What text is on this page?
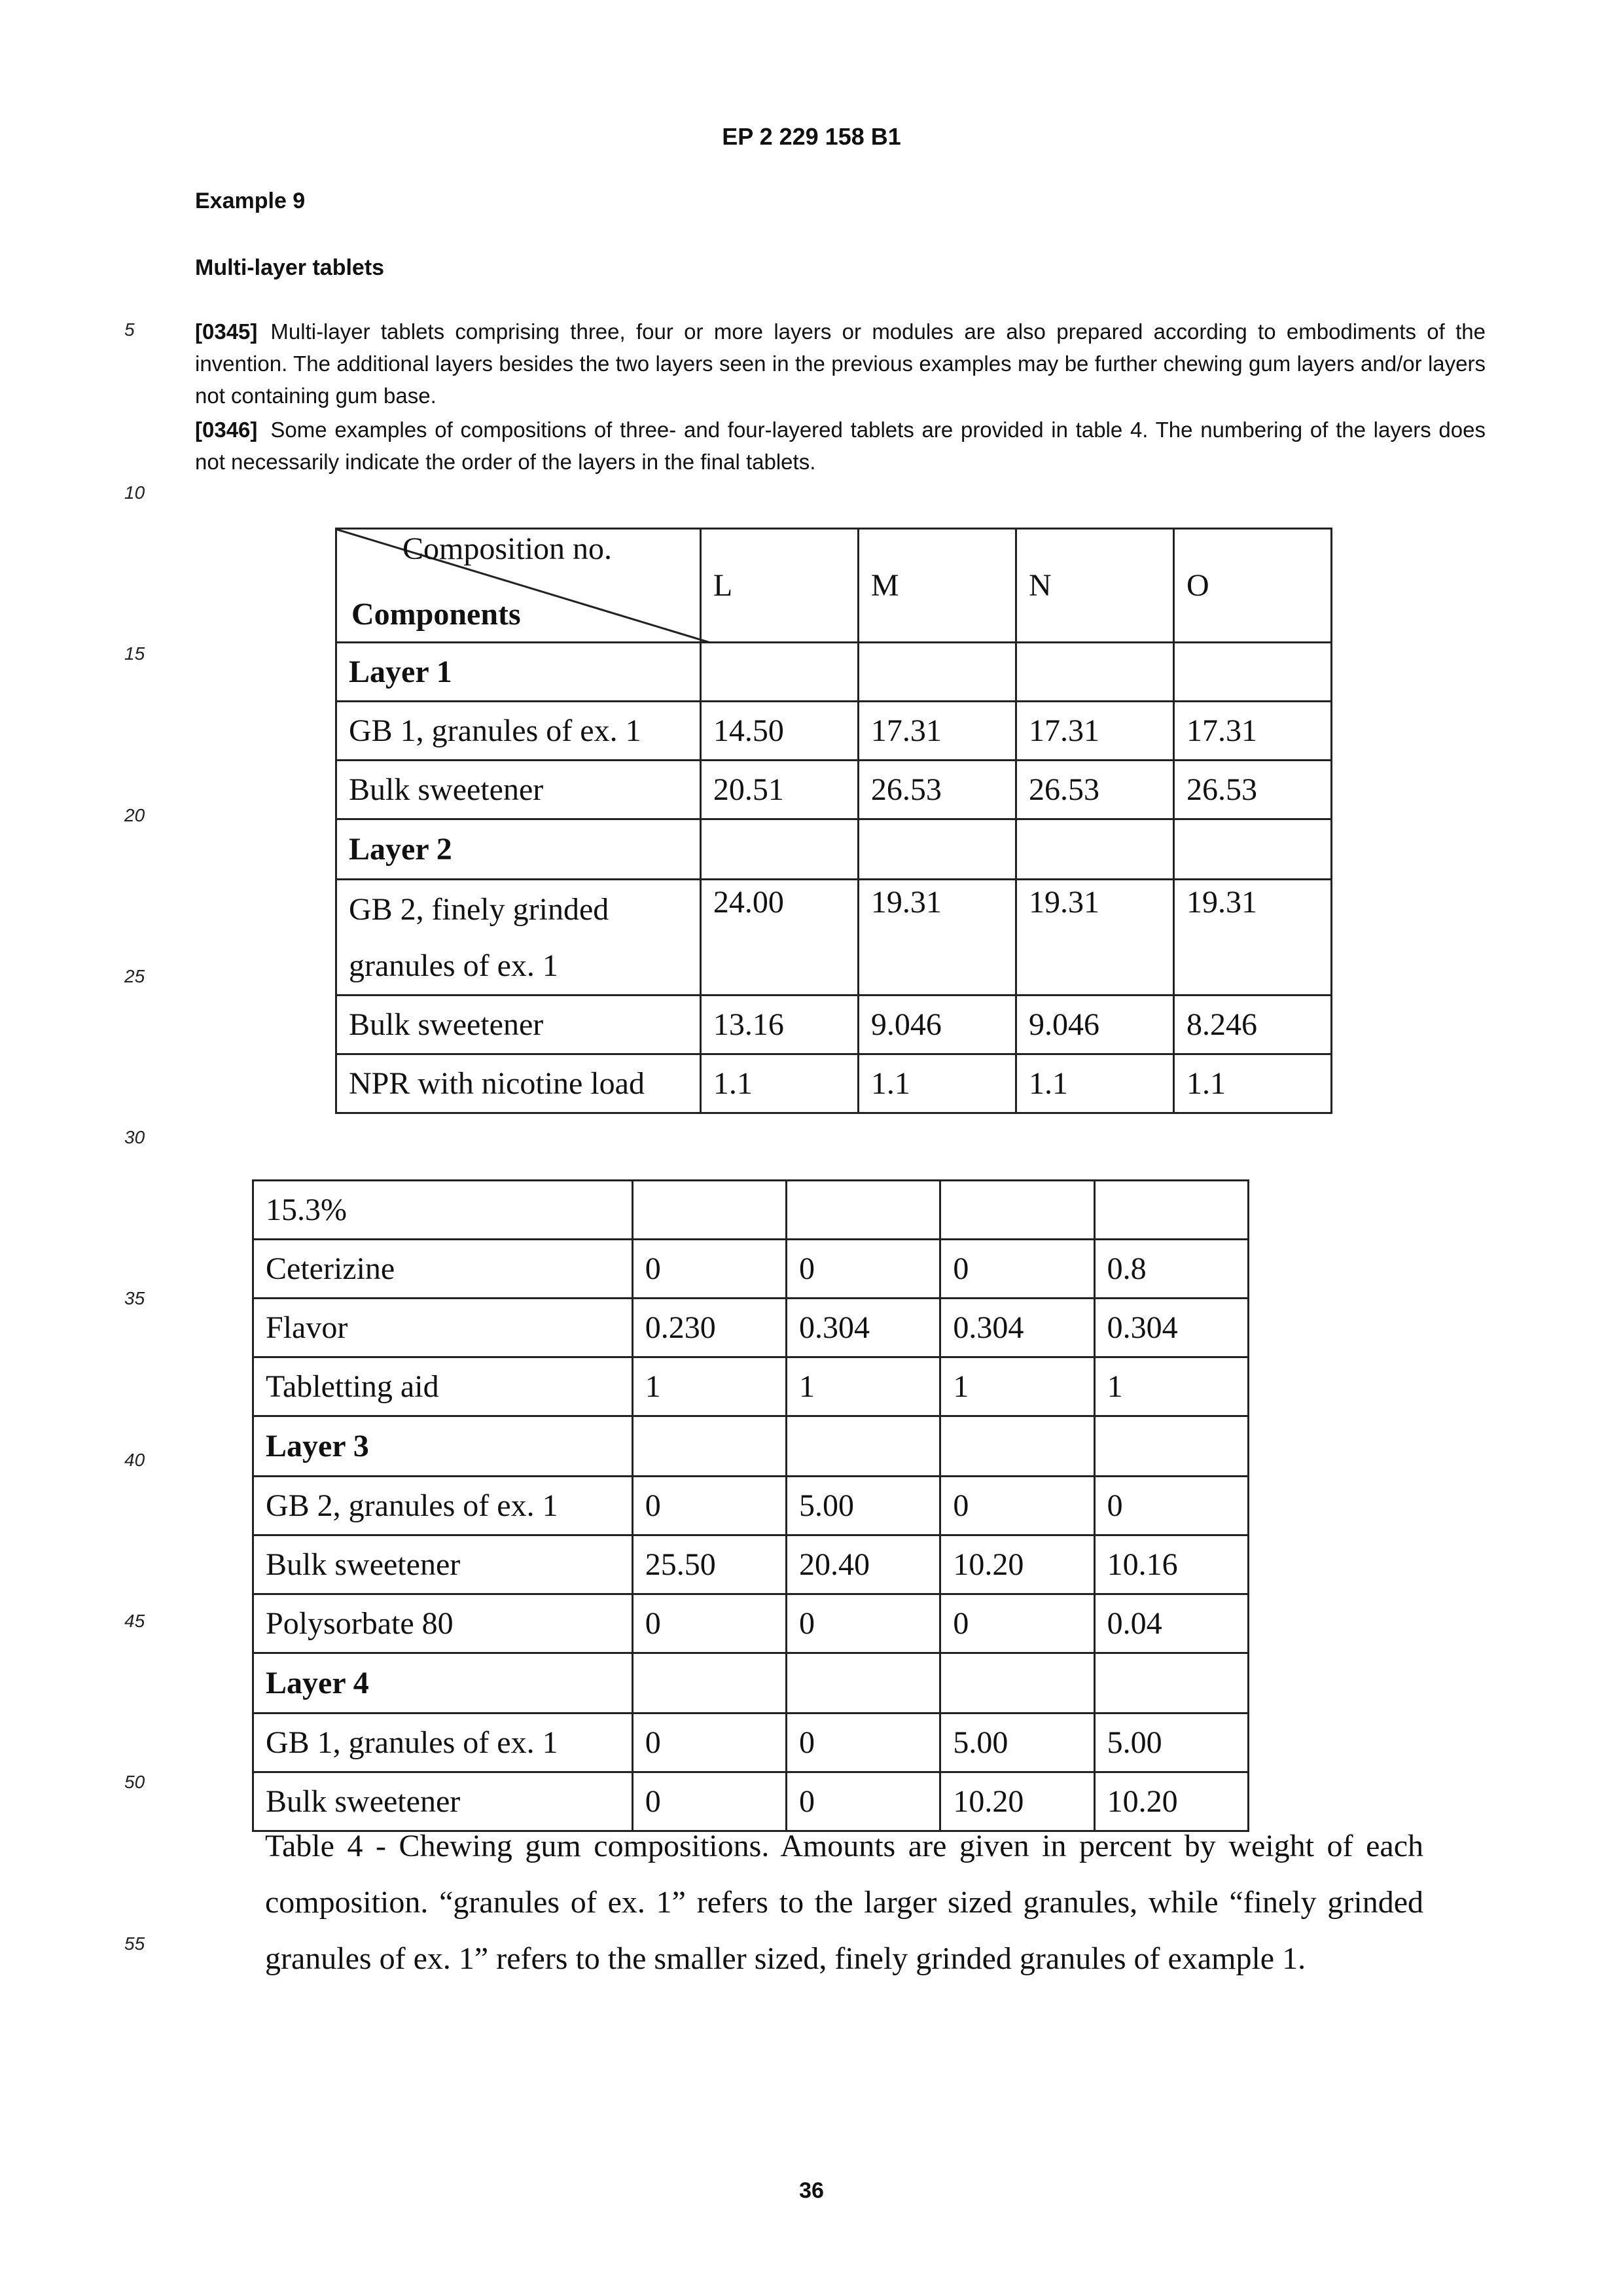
EP 2 229 158 B1
Example 9
Multi-layer tablets
[0345] Multi-layer tablets comprising three, four or more layers or modules are also prepared according to embodiments of the invention. The additional layers besides the two layers seen in the previous examples may be further chewing gum layers and/or layers not containing gum base.
[0346] Some examples of compositions of three- and four-layered tablets are provided in table 4. The numbering of the layers does not necessarily indicate the order of the layers in the final tablets.
5
10
15
20
25
30
35
40
45
50
55
Composition no.
Components	L	M	N	O
Layer 1				
GB 1, granules of ex. 1	14.50	17.31	17.31	17.31
Bulk sweetener	20.51	26.53	26.53	26.53
Layer 2				
GB 2, finely grinded
granules of ex. 1	24.00	19.31	19.31	19.31
Bulk sweetener	13.16	9.046	9.046	8.246
NPR with nicotine load	1.1	1.1	1.1	1.1
15.3%				
Ceterizine	0	0	0	0.8
Flavor	0.230	0.304	0.304	0.304
Tabletting aid	1	1	1	1
Layer 3				
GB 2, granules of ex. 1	0	5.00	0	0
Bulk sweetener	25.50	20.40	10.20	10.16
Polysorbate 80	0	0	0	0.04
Layer 4				
GB 1, granules of ex. 1	0	0	5.00	5.00
Bulk sweetener	0	0	10.20	10.20
Table 4 - Chewing gum compositions. Amounts are given in percent by weight of each composition. “granules of ex. 1” refers to the larger sized granules, while “finely grinded granules of ex. 1” refers to the smaller sized, finely grinded granules of example 1.
36
